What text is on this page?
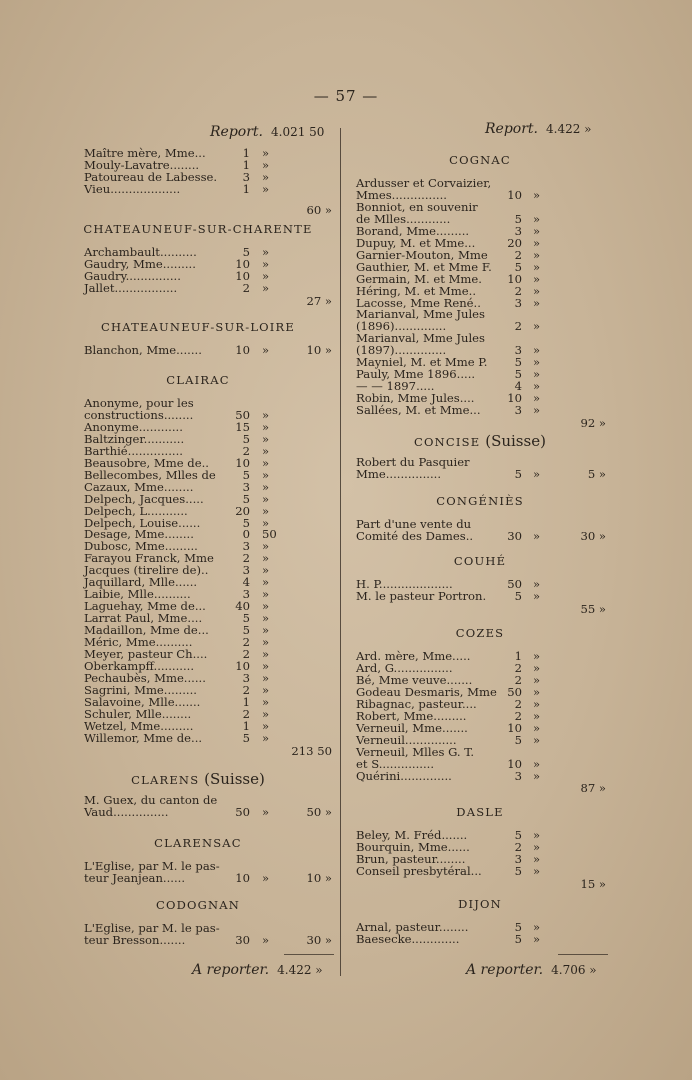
— 57 —
Report. 4.021 50
Maître mère, Mme...	1 »
Mouly-Lavatre........	1 »
Patoureau de Labesse. 3 »
Vieu...................	1 »
60 »
CHATEAUNEUF-SUR-CHARENTE
Archambault..........	5 »
Gaudry, Mme.........	10 »
Gaudry...............	10 »
Jallet.................	2 »
27 »
CHATEAUNEUF-SUR-LOIRE
Blanchon, Mme.......	10 »	10 »
CLAIRAC
Anonyme, pour les
constructions........	50 »
Anonyme............	15 »
Baltzinger...........	5 »
Barthié...............	2 »
Beausobre, Mme de.. 10 »
Bellecombes, Mlles de 5 »
Cazaux, Mme........	3 »
Delpech, Jacques.....	5 »
Delpech, L...........	20 »
Delpech, Louise......	5 »
Desage, Mme........	0 50
Dubosc, Mme.........	3 »
Farayou Franck, Mme 2 »
Jacques (tirelire de)..	3 »
Jaquillard, Mlle......	4 »
Laibie, Mlle..........	3 »
Laguehay, Mme de...	40 »
Larrat Paul, Mme....	5 »
Madaillon, Mme de...	5 »
Méric, Mme..........	2 »
Meyer, pasteur Ch....	2 »
Oberkampff...........	10 »
Pechaubès, Mme......	3 »
Sagrini, Mme.........	2 »
Salavoine, Mlle.......	1 »
Schuler, Mlle........	2 »
Wetzel, Mme.........	1 »
Willemor, Mme de...	5 »
213 50
CLARENS (Suisse)
M. Guex, du canton de
Vaud...............	50 »	50 »
CLARENSAC
L'Eglise, par M. le pas-
teur Jeanjean......	10 »	10 »
CODOGNAN
L'Eglise, par M. le pas-
teur Bresson.......	30 »	30 »
A reporter. 4.422 »
Report. 4.422 »
COGNAC
Ardusser et Corvaizier,
Mmes...............	10 »
Bonniot, en souvenir
de Mlles............	5 »
Borand, Mme.........	3 »
Dupuy, M. et Mme...	20 »
Garnier-Mouton, Mme 2 »
Gauthier, M. et Mme F. 5 »
Germain, M. et Mme. 10 »
Héring, M. et Mme..	2 »
Lacosse, Mme René..	3 »
Marianval, Mme Jules
(1896)..............	2 »
Marianval, Mme Jules
(1897)..............	3 »
Mayniel, M. et Mme P. 5 »
Pauly, Mme 1896.....	5 »
— — 1897.....	4 »
Robin, Mme Jules....	10 »
Sallées, M. et Mme...	3 »
92 »
CONCISE (Suisse)
Robert du Pasquier
Mme...............	5 »	5 »
CONGÉNIÈS
Part d'une vente du
Comité des Dames..	30 »	30 »
COUHÉ
H. P....................	50 »
M. le pasteur Portron. 5 »
55 »
COZES
Ard. mère, Mme.....	1 »
Ard, G................	2 »
Bé, Mme veuve.......	2 »
Godeau Desmaris, Mme 50 »
Ribagnac, pasteur....	2 »
Robert, Mme.........	2 »
Verneuil, Mme.......	10 »
Verneuil..............	5 »
Verneuil, Mlles G. T.
et S...............	10 »
Quérini..............	3 »
87 »
DASLE
Beley, M. Fréd.......	5 »
Bourquin, Mme......	2 »
Brun, pasteur........	3 »
Conseil presbytéral...	5 »
15 »
DIJON
Arnal, pasteur........	5 »
Baesecke.............	5 »
A reporter. 4.706 »
